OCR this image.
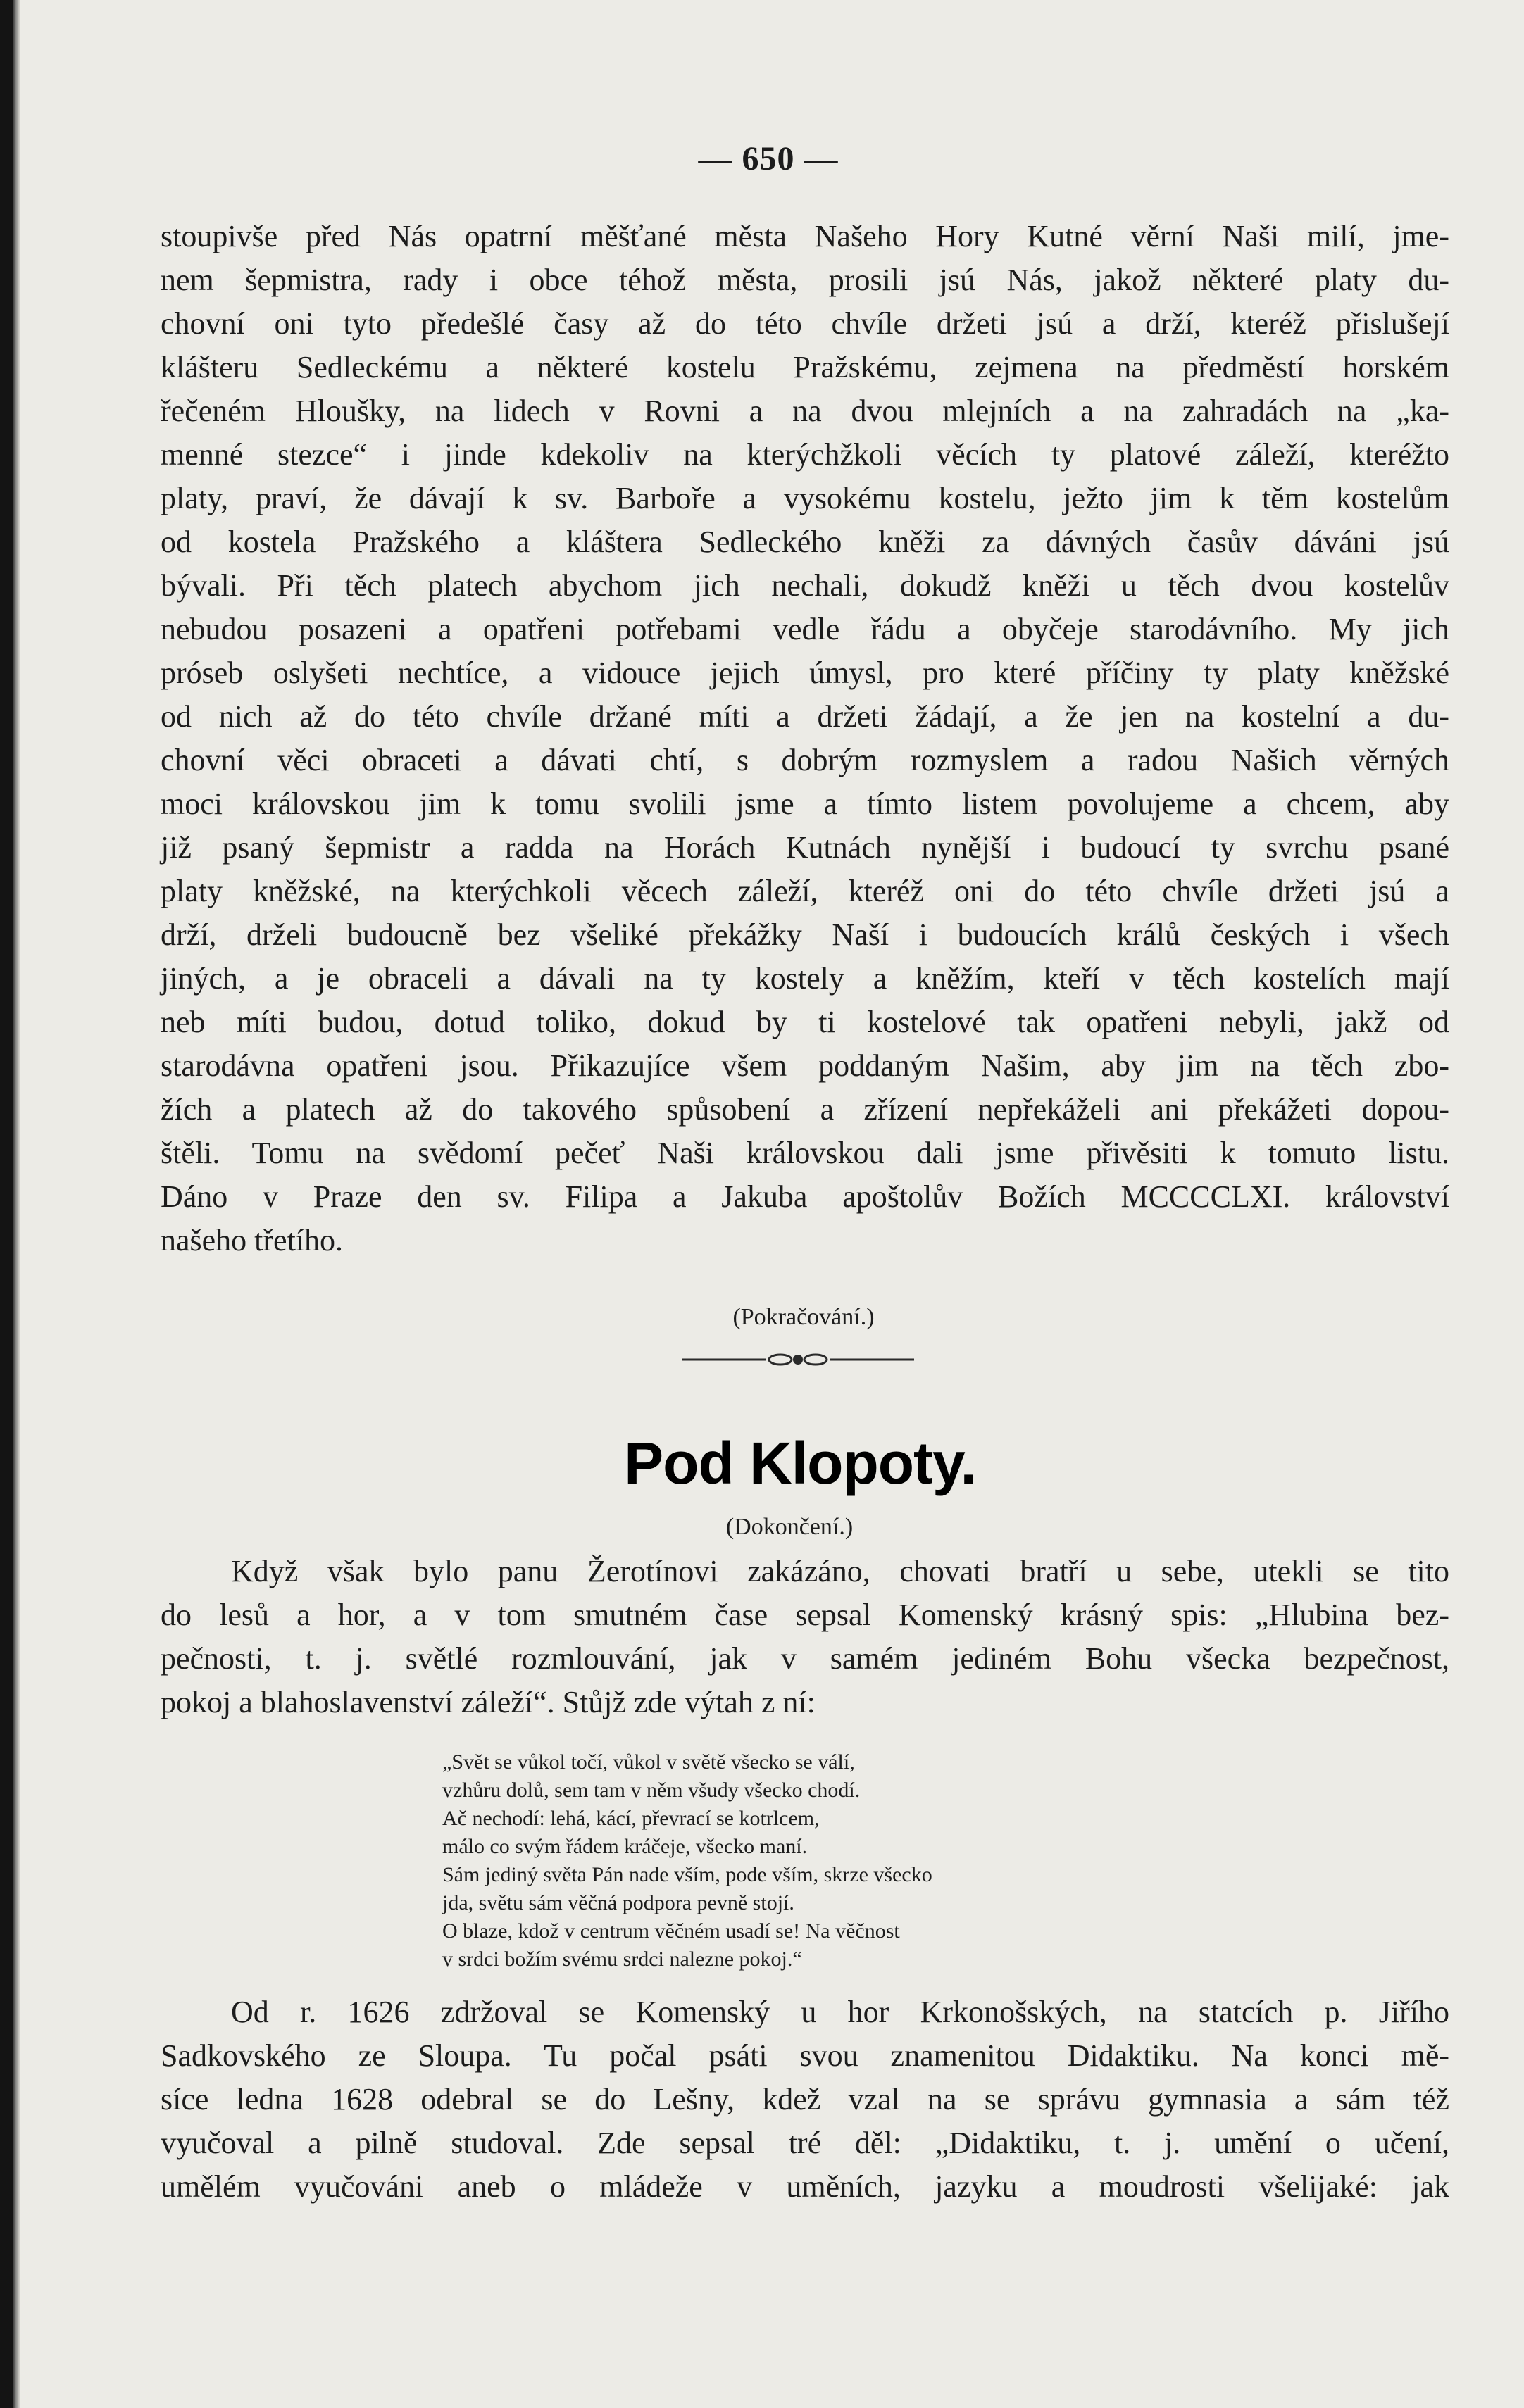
— 650 —
stoupivše před Nás opatrní měšťané města Našeho Hory Kutné věrní Naši milí, jme-
nem šepmistra, rady i obce téhož města, prosili jsú Nás, jakož některé platy du-
chovní oni tyto předešlé časy až do této chvíle držeti jsú a drží, kteréž přislušejí
klášteru Sedleckému a některé kostelu Pražskému, zejmena na předměstí horském
řečeném Hloušky, na lidech v Rovni a na dvou mlejních a na zahradách na „ka-
menné stezce“ i jinde kdekoliv na kterýchžkoli věcích ty platové záleží, kteréžto
platy, praví, že dávají k sv. Barboře a vysokému kostelu, ježto jim k těm kostelům
od kostela Pražského a kláštera Sedleckého kněži za dávných časův dáváni jsú
bývali. Při těch platech abychom jich nechali, dokudž kněži u těch dvou kostelův
nebudou posazeni a opatřeni potřebami vedle řádu a obyčeje starodávního. My jich
próseb oslyšeti nechtíce, a vidouce jejich úmysl, pro které příčiny ty platy kněžské
od nich až do této chvíle držané míti a držeti žádají, a že jen na kostelní a du-
chovní věci obraceti a dávati chtí, s dobrým rozmyslem a radou Našich věrných
moci královskou jim k tomu svolili jsme a tímto listem povolujeme a chcem, aby
již psaný šepmistr a radda na Horách Kutnách nynější i budoucí ty svrchu psané
platy kněžské, na kterýchkoli věcech záleží, kteréž oni do této chvíle držeti jsú a
drží, drželi budoucně bez všeliké překážky Naší i budoucích králů českých i všech
jiných, a je obraceli a dávali na ty kostely a kněžím, kteří v těch kostelích mají
neb míti budou, dotud toliko, dokud by ti kostelové tak opatřeni nebyli, jakž od
starodávna opatřeni jsou. Přikazujíce všem poddaným Našim, aby jim na těch zbo-
žích a platech až do takového spůsobení a zřízení nepřekáželi ani překážeti dopou-
štěli. Tomu na svědomí pečeť Naši královskou dali jsme přivěsiti k tomuto listu.
Dáno v Praze den sv. Filipa a Jakuba apoštolův Božích MCCCCLXI. království
našeho třetího.
(Pokračování.)
Pod Klopoty.
(Dokončení.)
Když však bylo panu Žerotínovi zakázáno, chovati bratří u sebe, utekli se tito
do lesů a hor, a v tom smutném čase sepsal Komenský krásný spis: „Hlubina bez-
pečnosti, t. j. světlé rozmlouvání, jak v samém jediném Bohu všecka bezpečnost,
pokoj a blahoslavenství záleží“. Stůjž zde výtah z ní:
„Svět se vůkol točí, vůkol v světě všecko se válí,
vzhůru dolů, sem tam v něm všudy všecko chodí.
Ač nechodí: lehá, kácí, převrací se kotrlcem,
málo co svým řádem kráčeje, všecko maní.
Sám jediný světa Pán nade vším, pode vším, skrze všecko
jda, světu sám věčná podpora pevně stojí.
O blaze, kdož v centrum věčném usadí se! Na věčnost
v srdci božím svému srdci nalezne pokoj.“
Od r. 1626 zdržoval se Komenský u hor Krkonošských, na statcích p. Jiřího
Sadkovského ze Sloupa. Tu počal psáti svou znamenitou Didaktiku. Na konci mě-
síce ledna 1628 odebral se do Lešny, kdež vzal na se správu gymnasia a sám též
vyučoval a pilně studoval. Zde sepsal tré děl: „Didaktiku, t. j. umění o učení,
umělém vyučováni aneb o mládeže v uměních, jazyku a moudrosti všelijaké: jak
